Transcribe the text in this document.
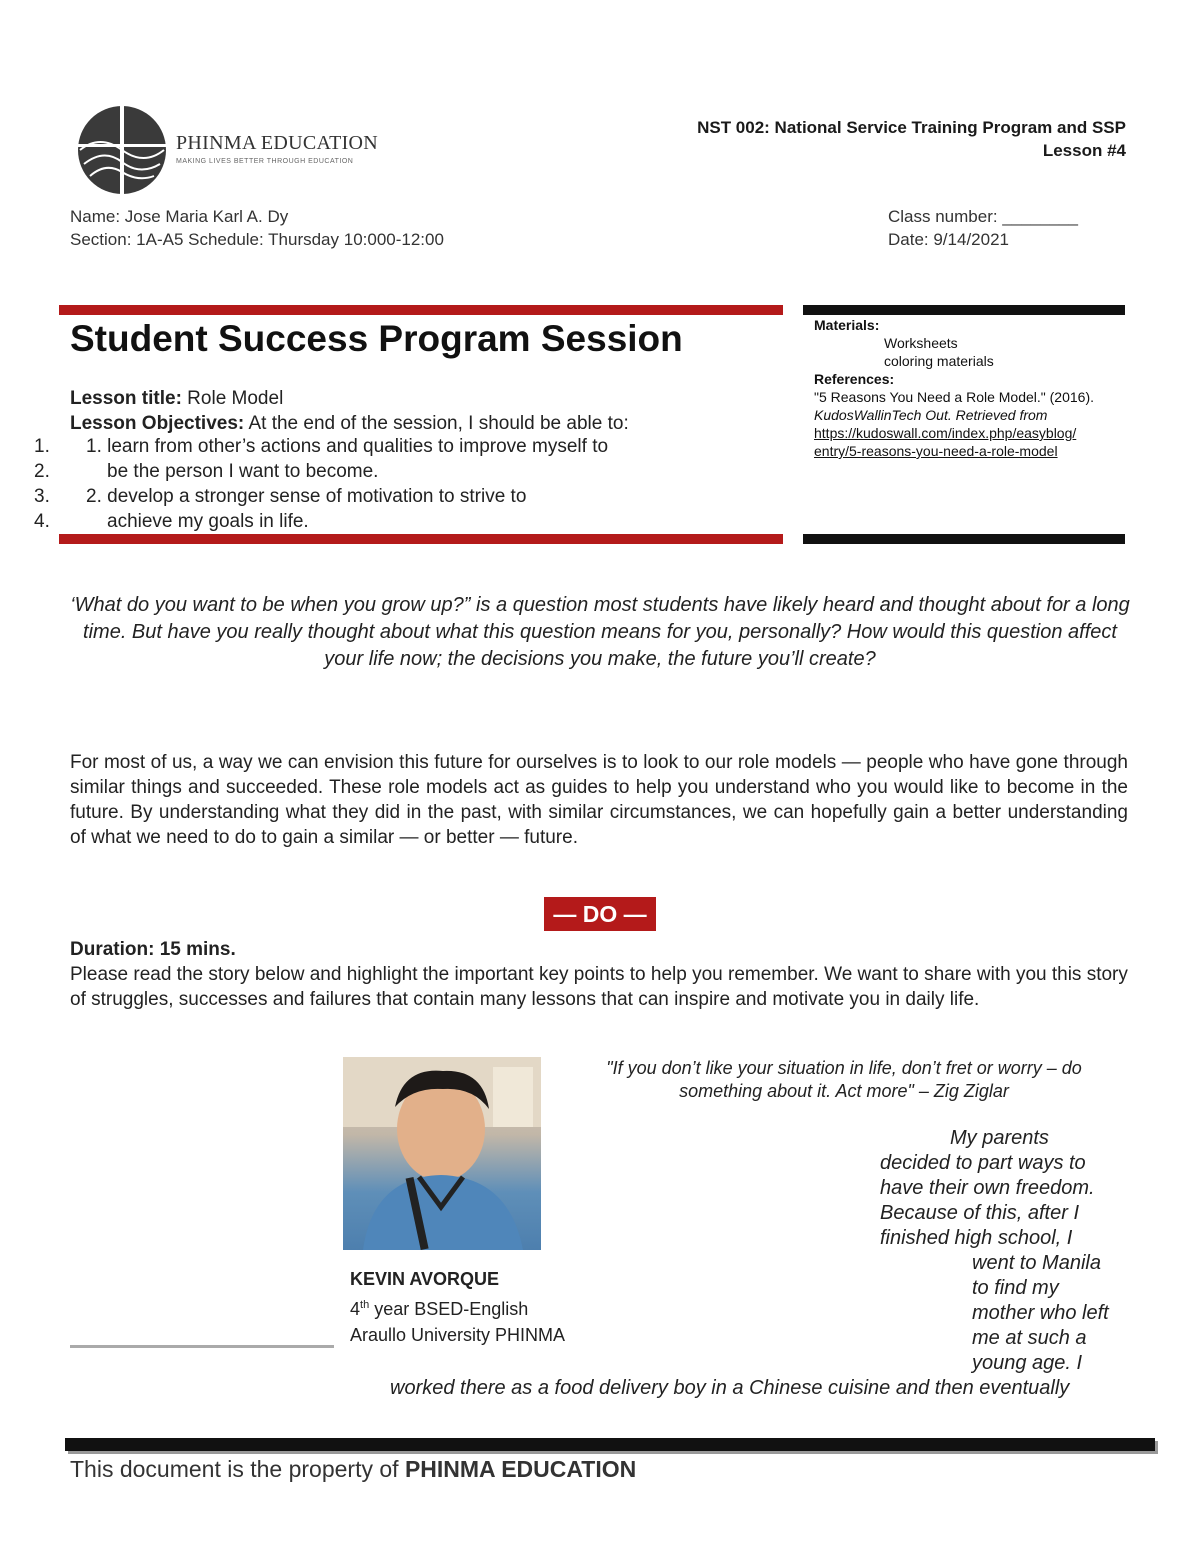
PHINMA EDUCATION
MAKING LIVES BETTER THROUGH EDUCATION
NST 002: National Service Training Program and SSP
Lesson #4
Name: Jose Maria Karl A. Dy
Section: 1A-A5 Schedule: Thursday 10:000-12:00
Class number: ________
Date: 9/14/2021
Student Success Program Session
Lesson title: Role Model
Lesson Objectives: At the end of the session, I should be able to:
1. 1. learn from other’s actions and qualities to improve myself to
2.	be the person I want to become.
3. 2. develop a stronger sense of motivation to strive to
4.	achieve my goals in life.
Materials:
Worksheets
coloring materials
References:
"5 Reasons You Need a Role Model." (2016). KudosWallinTech Out. Retrieved from
https://kudoswall.com/index.php/easyblog/
entry/5-reasons-you-need-a-role-model
‘What do you want to be when you grow up?” is a question most students have likely heard and thought about for a long time. But have you really thought about what this question means for you, personally? How would this question affect your life now; the decisions you make, the future you’ll create?
For most of us, a way we can envision this future for ourselves is to look to our role models — people who have gone through similar things and succeeded. These role models act as guides to help you understand who you would like to become in the future. By understanding what they did in the past, with similar circumstances, we can hopefully gain a better understanding of what we need to do to gain a similar — or better — future.
— DO —
Duration: 15 mins.
Please read the story below and highlight the important key points to help you remember. We want to share with you this story of struggles, successes and failures that contain many lessons that can inspire and motivate you in daily life.
KEVIN AVORQUE
4th year BSED-English
Araullo University PHINMA
"If you don’t like your situation in life, don’t fret or worry – do
something about it. Act more" – Zig Ziglar
My parents
decided to part ways to
have their own freedom.
Because of this, after I
finished high school, I
went to Manila
to find my
mother who left
me at such a
young age. I
worked there as a food delivery boy in a Chinese cuisine and then eventually
This document is the property of PHINMA EDUCATION
